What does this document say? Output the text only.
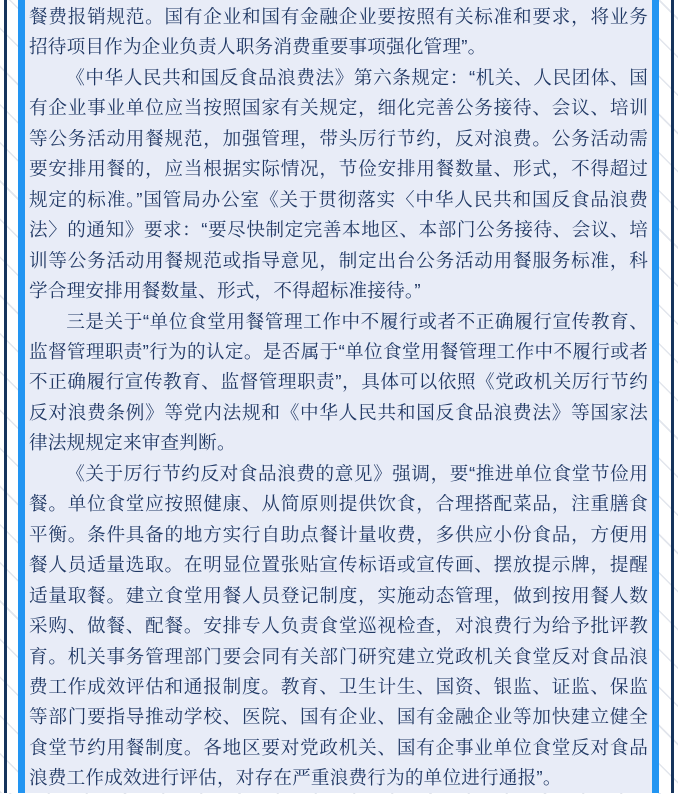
餐费报销规范。国有企业和国有金融企业要按照有关标准和要求，将业务招待项目作为企业负责人职务消费重要事项强化管理”。

《中华人民共和国反食品浪费法》第六条规定：“机关、人民团体、国有企业事业单位应当按照国家有关规定，细化完善公务接待、会议、培训等公务活动用餐规范，加强管理，带头厉行节约，反对浪费。公务活动需要安排用餐的，应当根据实际情况，节俭安排用餐数量、形式，不得超过规定的标准。”国管局办公室《关于贯彻落实〈中华人民共和国反食品浪费法〉的通知》要求：“要尽快制定完善本地区、本部门公务接待、会议、培训等公务活动用餐规范或指导意见，制定出台公务活动用餐服务标准，科学合理安排用餐数量、形式，不得超标准接待。”

三是关于“单位食堂用餐管理工作中不履行或者不正确履行宣传教育、监督管理职责”行为的认定。是否属于“单位食堂用餐管理工作中不履行或者不正确履行宣传教育、监督管理职责”，具体可以依照《党政机关厉行节约反对浪费条例》等党内法规和《中华人民共和国反食品浪费法》等国家法律法规规定来审查判断。

《关于厉行节约反对食品浪费的意见》强调，要“推进单位食堂节俭用餐。单位食堂应按照健康、从简原则提供饮食，合理搭配菜品，注重膳食平衡。条件具备的地方实行自助点餐计量收费，多供应小份食品，方便用餐人员适量选取。在明显位置张贴宣传标语或宣传画、摆放提示牌，提醒适量取餐。建立食堂用餐人员登记制度，实施动态管理，做到按用餐人数采购、做餐、配餐。安排专人负责食堂巡视检查，对浪费行为给予批评教育。机关事务管理部门要会同有关部门研究建立党政机关食堂反对食品浪费工作成效评估和通报制度。教育、卫生计生、国资、银监、证监、保监等部门要指导推动学校、医院、国有企业、国有金融企业等加快建立健全食堂节约用餐制度。各地区要对党政机关、国有企事业单位食堂反对食品浪费工作成效进行评估，对存在严重浪费行为的单位进行通报”。
